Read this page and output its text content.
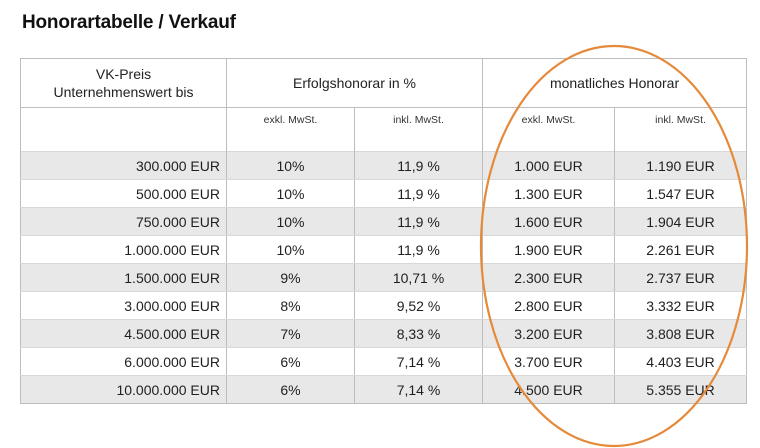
Honorartabelle / Verkauf
VK-Preis
Unternehmenswert bis	Erfolgshonorar in %		monatliches Honorar	
	exkl. MwSt.	inkl. MwSt.	exkl. MwSt.	inkl. MwSt.
300.000 EUR	10%	11,9 %	1.000 EUR	1.190 EUR
500.000 EUR	10%	11,9 %	1.300 EUR	1.547 EUR
750.000 EUR	10%	11,9 %	1.600 EUR	1.904 EUR
1.000.000 EUR	10%	11,9 %	1.900 EUR	2.261 EUR
1.500.000 EUR	9%	10,71 %	2.300 EUR	2.737 EUR
3.000.000 EUR	8%	9,52 %	2.800 EUR	3.332 EUR
4.500.000 EUR	7%	8,33 %	3.200 EUR	3.808 EUR
6.000.000 EUR	6%	7,14 %	3.700 EUR	4.403 EUR
10.000.000 EUR	6%	7,14 %	4.500 EUR	5.355 EUR
